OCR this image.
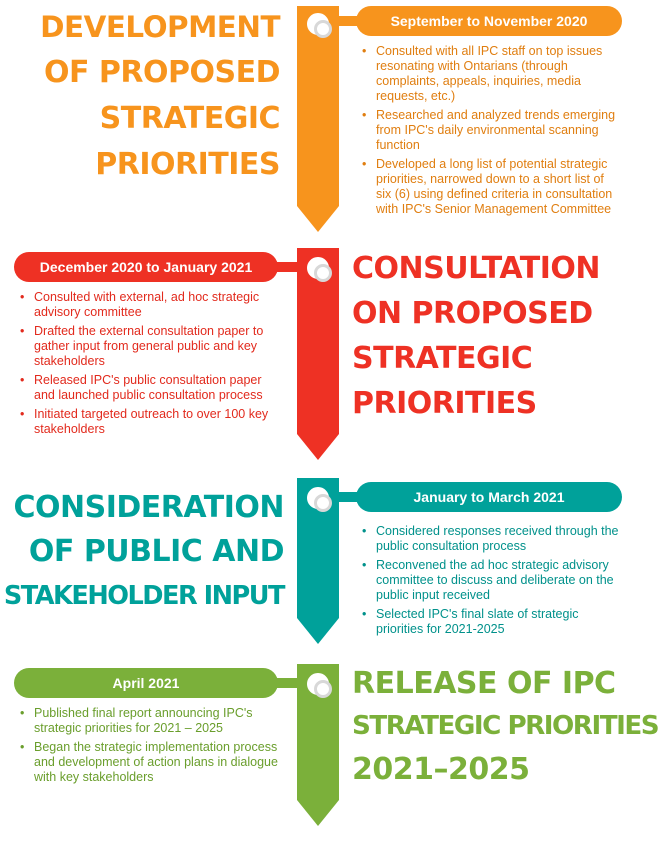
September to November 2020
DEVELOPMENT
OF PROPOSED
STRATEGIC
PRIORITIES
• Consulted with all IPC staff on top issues resonating with Ontarians (through complaints, appeals, inquiries, media requests, etc.)
• Researched and analyzed trends emerging from IPC's daily environmental scanning function
• Developed a long list of potential strategic priorities, narrowed down to a short list of six (6) using defined criteria in consultation with IPC's Senior Management Committee
December 2020 to January 2021	CONSULTATION
ON PROPOSED
STRATEGIC
PRIORITIES
• Consulted with external, ad hoc strategic advisory committee
• Drafted the external consultation paper to gather input from general public and key stakeholders
• Released IPC's public consultation paper and launched public consultation process
• Initiated targeted outreach to over 100 key stakeholders
January to March 2021
CONSIDERATION
OF PUBLIC AND
STAKEHOLDER INPUT
• Considered responses received through the public consultation process
• Reconvened the ad hoc strategic advisory committee to discuss and deliberate on the public input received
• Selected IPC's final slate of strategic priorities for 2021-2025
April 2021	RELEASE OF IPC
STRATEGIC PRIORITIES
2021–2025
• Published final report announcing IPC's strategic priorities for 2021 – 2025
• Began the strategic implementation process and development of action plans in dialogue with key stakeholders
